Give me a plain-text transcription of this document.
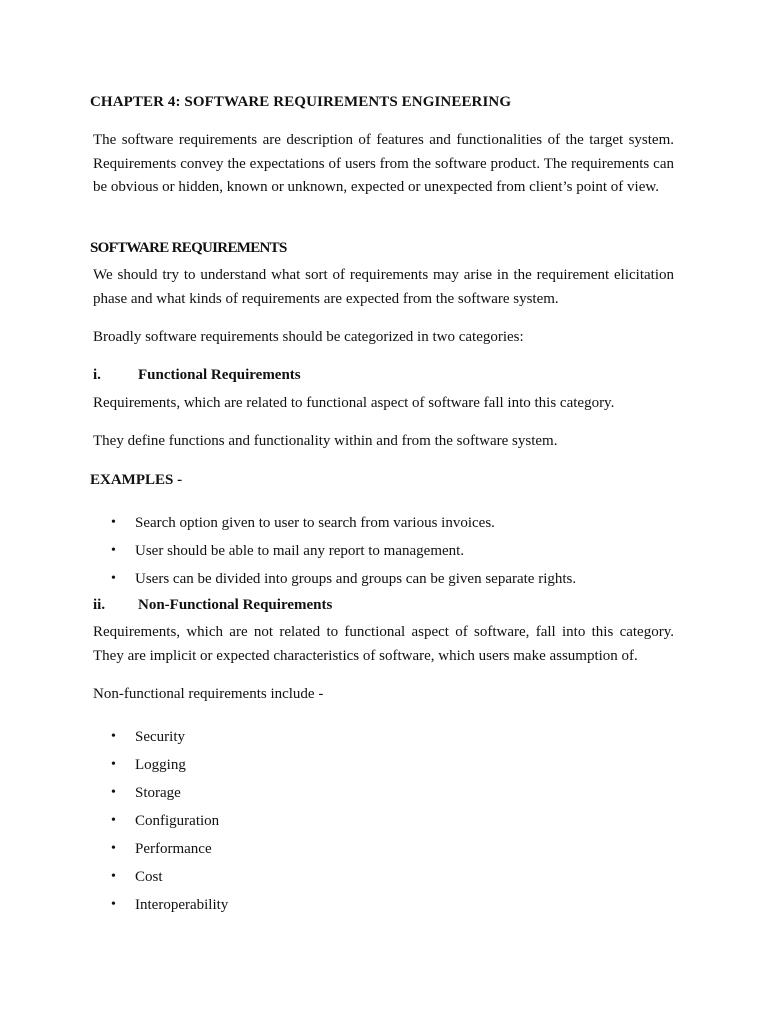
CHAPTER 4: SOFTWARE REQUIREMENTS ENGINEERING

The software requirements are description of features and functionalities of the target system. Requirements convey the expectations of users from the software product. The requirements can be obvious or hidden, known or unknown, expected or unexpected from client’s point of view.

SOFTWARE REQUIREMENTS

We should try to understand what sort of requirements may arise in the requirement elicitation phase and what kinds of requirements are expected from the software system.

Broadly software requirements should be categorized in two categories:

i. Functional Requirements

Requirements, which are related to functional aspect of software fall into this category.

They define functions and functionality within and from the software system.

EXAMPLES -
• Search option given to user to search from various invoices.
• User should be able to mail any report to management.
• Users can be divided into groups and groups can be given separate rights.
ii. Non-Functional Requirements

Requirements, which are not related to functional aspect of software, fall into this category. They are implicit or expected characteristics of software, which users make assumption of.

Non-functional requirements include -

• Security
• Logging
• Storage
• Configuration
• Performance
• Cost
• Interoperability
